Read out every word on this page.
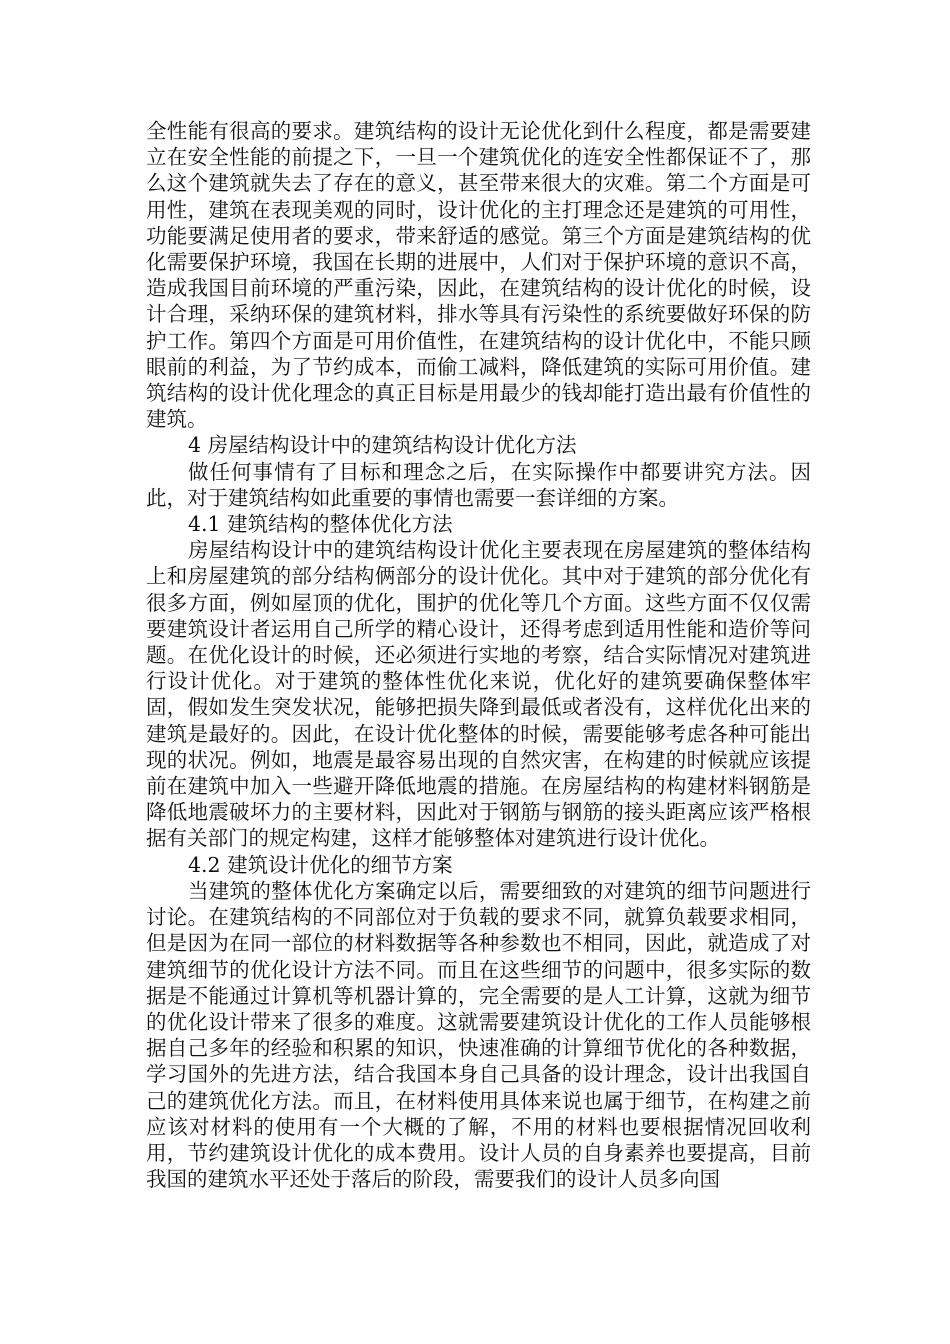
全性能有很高的要求。建筑结构的设计无论优化到什么程度，都是需要建立在安全性能的前提之下，一旦一个建筑优化的连安全性都保证不了，那么这个建筑就失去了存在的意义，甚至带来很大的灾难。第二个方面是可用性，建筑在表现美观的同时，设计优化的主打理念还是建筑的可用性，功能要满足使用者的要求，带来舒适的感觉。第三个方面是建筑结构的优化需要保护环境，我国在长期的进展中，人们对于保护环境的意识不高，造成我国目前环境的严重污染，因此，在建筑结构的设计优化的时候，设计合理，采纳环保的建筑材料，排水等具有污染性的系统要做好环保的防护工作。第四个方面是可用价值性，在建筑结构的设计优化中，不能只顾眼前的利益，为了节约成本，而偷工减料，降低建筑的实际可用价值。建筑结构的设计优化理念的真正目标是用最少的钱却能打造出最有价值性的建筑。

4 房屋结构设计中的建筑结构设计优化方法

做任何事情有了目标和理念之后，在实际操作中都要讲究方法。因此，对于建筑结构如此重要的事情也需要一套详细的方案。

4.1 建筑结构的整体优化方法

房屋结构设计中的建筑结构设计优化主要表现在房屋建筑的整体结构上和房屋建筑的部分结构俩部分的设计优化。其中对于建筑的部分优化有很多方面，例如屋顶的优化，围护的优化等几个方面。这些方面不仅仅需要建筑设计者运用自己所学的精心设计，还得考虑到适用性能和造价等问题。在优化设计的时候，还必须进行实地的考察，结合实际情况对建筑进行设计优化。对于建筑的整体性优化来说，优化好的建筑要确保整体牢固，假如发生突发状况，能够把损失降到最低或者没有，这样优化出来的建筑是最好的。因此，在设计优化整体的时候，需要能够考虑各种可能出现的状况。例如，地震是最容易出现的自然灾害，在构建的时候就应该提前在建筑中加入一些避开降低地震的措施。在房屋结构的构建材料钢筋是降低地震破坏力的主要材料，因此对于钢筋与钢筋的接头距离应该严格根据有关部门的规定构建，这样才能够整体对建筑进行设计优化。

4.2 建筑设计优化的细节方案

当建筑的整体优化方案确定以后，需要细致的对建筑的细节问题进行讨论。在建筑结构的不同部位对于负载的要求不同，就算负载要求相同，但是因为在同一部位的材料数据等各种参数也不相同，因此，就造成了对建筑细节的优化设计方法不同。而且在这些细节的问题中，很多实际的数据是不能通过计算机等机器计算的，完全需要的是人工计算，这就为细节的优化设计带来了很多的难度。这就需要建筑设计优化的工作人员能够根据自己多年的经验和积累的知识，快速准确的计算细节优化的各种数据，学习国外的先进方法，结合我国本身自己具备的设计理念，设计出我国自己的建筑优化方法。而且，在材料使用具体来说也属于细节，在构建之前应该对材料的使用有一个大概的了解，不用的材料也要根据情况回收利用，节约建筑设计优化的成本费用。设计人员的自身素养也要提高，目前我国的建筑水平还处于落后的阶段，需要我们的设计人员多向国
